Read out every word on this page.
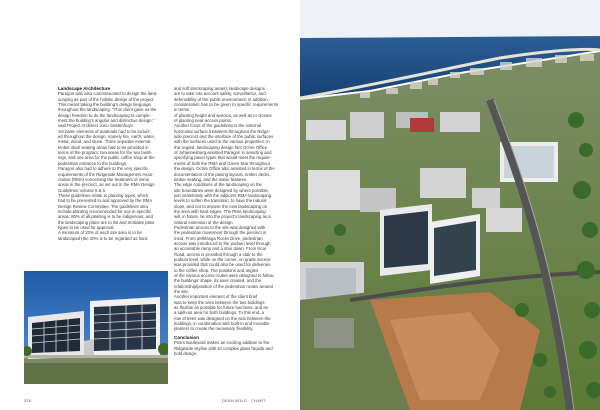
Landscape Architecture

Paragon was also commissioned to design the land-

scaping as part of the holistic design of the project.

This meant taking the building’s design language

throughout the landscaping. “This client gave us the

design freedom to do the landscaping to comple-

ment the building’s angular and distinctive design,”

said Project Architect Jono Geldenhuys.

Six basic elements of materials had to be includ-

ed throughout the design, namely fire, earth, water,

metal, wood, and stone. Three separate external

timber deck seating areas had to be provided in

terms of the program: two areas for the two build-

ings, and one area for the public coffee shop at the

pedestrian entrance to the buildings.

Paragon also had to adhere to the very specific

requirements of the Ridgeside Management Asso-

ciation (RMA) concerning the treatment of some

areas in the precinct, as set out in the RMA Design

Guidelines Volume 5 & 6.

These guidelines relate to planting types, which

had to be presented to and approved by the RMA

Design Review Committee. The guidelines also

include planting recommended for use in specific

areas; 80% of all planting is to be indigenous, and

the landscaping plans are to list and motivate plant

types to be used for approval.

A minimum of 20% of each site area is to be

landscaped (the 20% is to be regarded as hard

and soft landscaping areas); landscape designs

are to take into account safety, surveillance, and

defensibility of the public environment; in addition,

consideration has to be given to specific requirements in terms

of planting height and species, as well as to closure

of planting near access points.

Another focus of the guidelines is the external

horizontal surface treatment throughout the Ridge-

side precinct and the interface of the public surfaces

with the surfaces used in the various properties. In

this regard, landscaping design firm Ochre Office

of Johannesburg assisted Paragon in selecting and

specifying paver types that would meet the require-

ments of both the RMA and Green Star throughout

the design. Ochre Office also assisted in terms of the

documentation of the paving layouts, timber decks,

timber seating, and the water features.

The edge conditions of the landscaping on the

site boundaries were designed by where possible,

just seamlessly with the adjacent RMA landscaping

levels to soften the transition, to have the natural

slope, and not to impose the new landscaping on

the area with hard edges. The RMA landscaping

will, in future, tie into the project’s landscaping as a

natural extension of the design.

Pedestrian access to the site was designed with

the pedestrian movement through the precinct in

mind. From uMhlanga Rocks Drive, pedestrian

access was introduced to the podium level through

an accessible ramp and a stair down. From Ncai

Road, access is provided through a stair to the

podium level, while on the corner, on grade access

was provided that could also be used for deliveries

to the coffee shop. The positions and angles

of the various access routes were designed to follow

the buildings’ shape, its axes created, and the

relationship/position of the pedestrian routes around

the site.

Another important element of the client brief

was to keep the area between the two buildings

as flexible as possible for future functions, and as

a spill-out area for both buildings. To this end, a

row of trees was designed on the axis between the

buildings, in combination with built-in and movable

planters to create the necessary flexibility.

Conclusion

Prism Boulevard makes an exciting addition to the

Ridgeside skyline with its complex glass façade and

bold design.

378	DEAN BOLD · CHART
